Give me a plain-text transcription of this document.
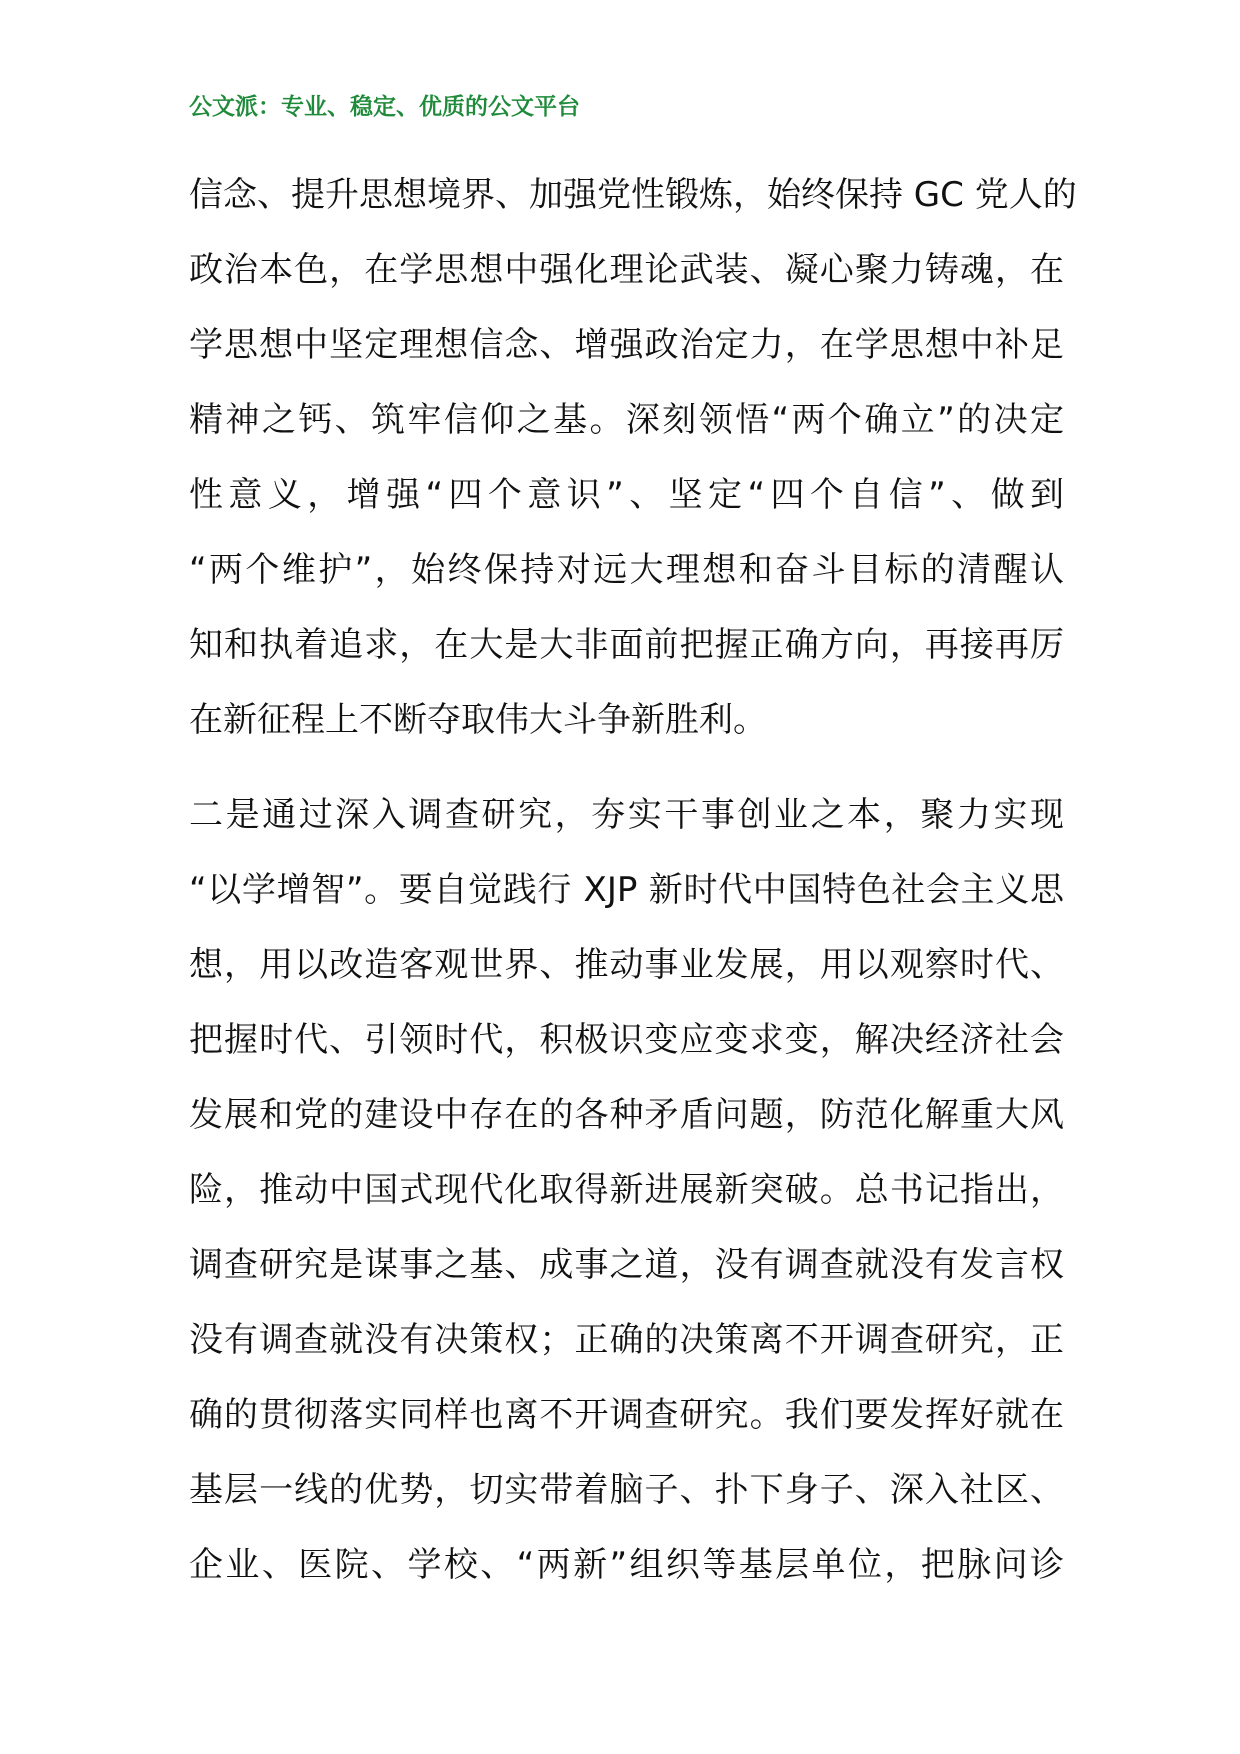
公文派：专业、稳定、优质的公文平台
信念、提升思想境界、加强党性锻炼，始终保持 GC 党人的
政治本色，在学思想中强化理论武装、凝心聚力铸魂，在
学思想中坚定理想信念、增强政治定力，在学思想中补足
精神之钙、筑牢信仰之基。深刻领悟“两个确立”的决定
性意义，增强“四个意识”、坚定“四个自信”、做到
“两个维护”，始终保持对远大理想和奋斗目标的清醒认
知和执着追求，在大是大非面前把握正确方向，再接再厉
在新征程上不断夺取伟大斗争新胜利。
二是通过深入调查研究，夯实干事创业之本，聚力实现
“以学增智”。要自觉践行 XJP 新时代中国特色社会主义思
想，用以改造客观世界、推动事业发展，用以观察时代、
把握时代、引领时代，积极识变应变求变，解决经济社会
发展和党的建设中存在的各种矛盾问题，防范化解重大风
险，推动中国式现代化取得新进展新突破。总书记指出，
调查研究是谋事之基、成事之道，没有调查就没有发言权
没有调查就没有决策权；正确的决策离不开调查研究，正
确的贯彻落实同样也离不开调查研究。我们要发挥好就在
基层一线的优势，切实带着脑子、扑下身子、深入社区、
企业、医院、学校、“两新”组织等基层单位，把脉问诊
